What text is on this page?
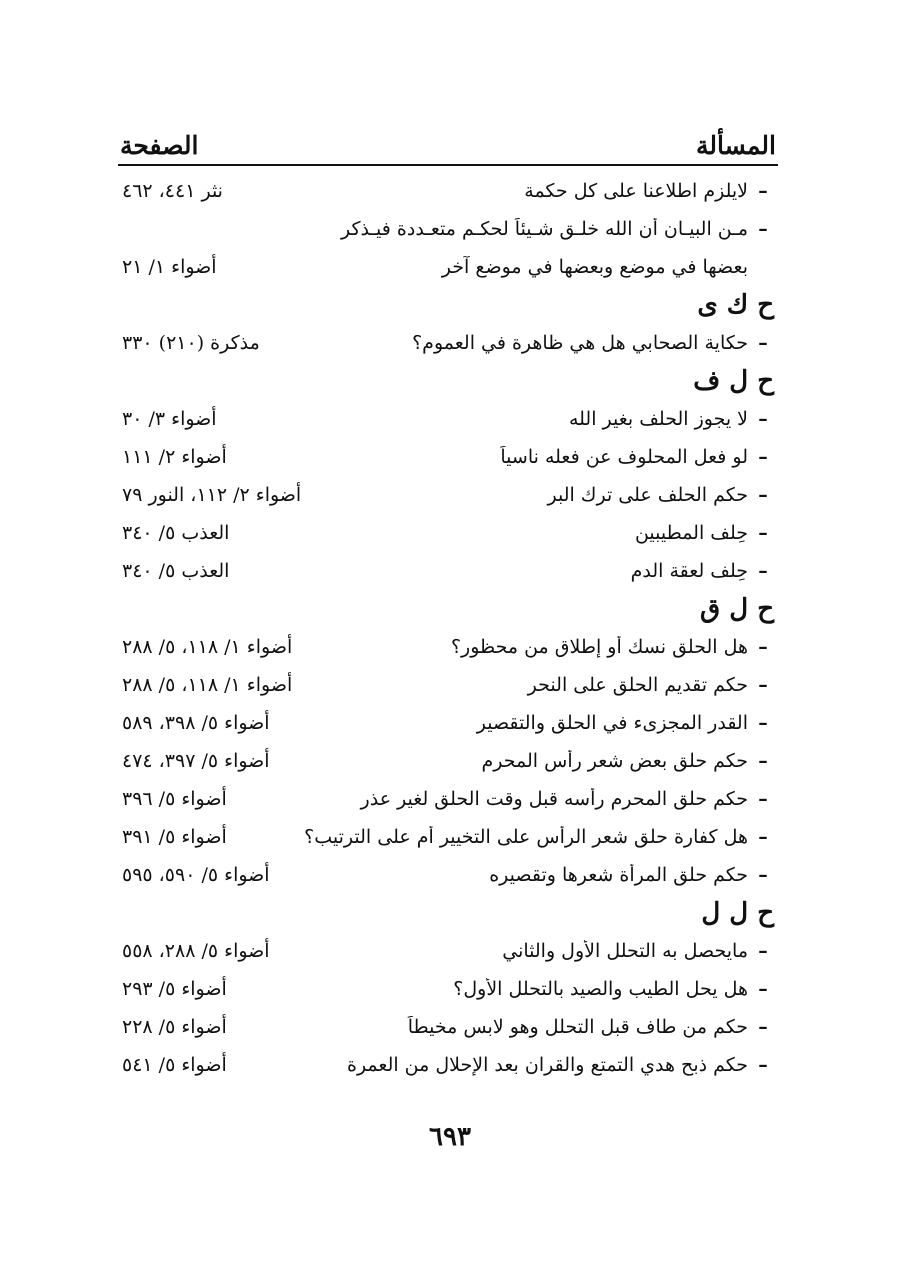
المسألة
الصفحة
–
لايلزم اطلاعنا على كل حكمة
نثر ٤٤١، ٤٦٢
–
مـن البيـان أن الله خلـق شـيئاً لحكـم متعـددة فيـذكر
بعضها في موضع وبعضها في موضع آخر
أضواء ١/ ٢١
ح ك ى
–
حكاية الصحابي هل هي ظاهرة في العموم؟
مذكرة (٢١٠) ٣٣٠
ح ل ف
–
لا يجوز الحلف بغير الله
أضواء ٣/ ٣٠
–
لو فعل المحلوف عن فعله ناسياً
أضواء ٢/ ١١١
–
حكم الحلف على ترك البر
أضواء ٢/ ١١٢، النور ٧٩
–
حِلف المطيبين
العذب ٥/ ٣٤٠
–
حِلف لعقة الدم
العذب ٥/ ٣٤٠
ح ل ق
–
هل الحلق نسك أو إطلاق من محظور؟
أضواء ١/ ١١٨، ٥/ ٢٨٨
–
حكم تقديم الحلق على النحر
أضواء ١/ ١١٨، ٥/ ٢٨٨
–
القدر المجزىء في الحلق والتقصير
أضواء ٥/ ٣٩٨، ٥٨٩
–
حكم حلق بعض شعر رأس المحرم
أضواء ٥/ ٣٩٧، ٤٧٤
–
حكم حلق المحرم رأسه قبل وقت الحلق لغير عذر
أضواء ٥/ ٣٩٦
–
هل كفارة حلق شعر الرأس على التخيير أم على الترتيب؟
أضواء ٥/ ٣٩١
–
حكم حلق المرأة شعرها وتقصيره
أضواء ٥/ ٥٩٠، ٥٩٥
ح ل ل
–
مايحصل به التحلل الأول والثاني
أضواء ٥/ ٢٨٨، ٥٥٨
–
هل يحل الطيب والصيد بالتحلل الأول؟
أضواء ٥/ ٢٩٣
–
حكم من طاف قبل التحلل وهو لابس مخيطاً
أضواء ٥/ ٢٢٨
–
حكم ذبح هدي التمتع والقران بعد الإحلال من العمرة
أضواء ٥/ ٥٤١
٦٩٣
